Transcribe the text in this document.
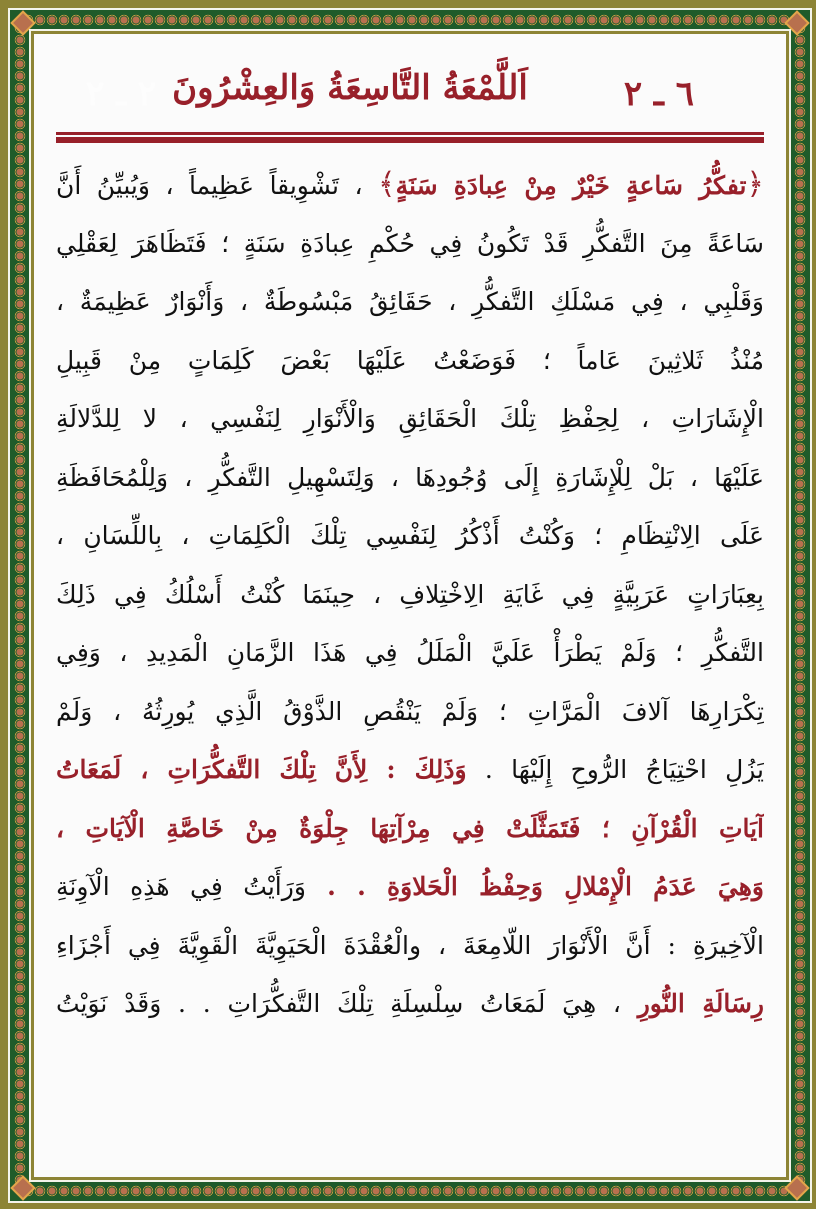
٢ ـ ٢	٦ ـ ٢
اَللَّمْعَةُ التَّاسِعَةُ وَالعِشْرُونَ
﴿تفكُّرُ سَاعةٍ خَيْرٌ مِنْ عِبادَةِ سَنَةٍ﴾ ، تَشْوِيقاً عَظِيماً ، وَيُبيِّنُ أَنَّ
سَاعَةً مِنَ التَّفكُّرِ قَدْ تَكُونُ فِي حُكْمِ عِبادَةِ سَنَةٍ ؛ فَتَظَاهَرَ لِعَقْلِي
وَقَلْبِي ، فِي مَسْلَكِ التَّفكُّرِ ، حَقَائِقُ مَبْسُوطَةٌ ، وَأَنْوَارٌ عَظِيمَةٌ ،
مُنْذُ ثَلاثِينَ عَاماً ؛ فَوَضَعْتُ عَلَيْهَا بَعْضَ كَلِمَاتٍ مِنْ قَبِيلِ
الْإِشَارَاتِ ، لِحِفْظِ تِلْكَ الْحَقَائِقِ وَالْأَنْوَارِ لِنَفْسِي ، لا لِلدَّلالَةِ
عَلَيْهَا ، بَلْ لِلْإِشَارَةِ إِلَى وُجُودِهَا ، وَلِتَسْهِيلِ التَّفكُّرِ ، وَلِلْمُحَافَظَةِ
عَلَى الِانْتِظَامِ ؛ وَكُنْتُ أَذْكُرُ لِنَفْسِي تِلْكَ الْكَلِمَاتِ ، بِاللِّسَانِ ،
بِعِبَارَاتٍ عَرَبِيَّةٍ فِي غَايَةِ الِاخْتِلافِ ، حِينَمَا كُنْتُ أَسْلُكُ فِي ذَلِكَ
التَّفكُّرِ ؛ وَلَمْ يَطْرَأْ عَلَيَّ الْمَلَلُ فِي هَذَا الزَّمَانِ الْمَدِيدِ ، وَفِي
تِكْرَارِهَا آلافَ الْمَرَّاتِ ؛ وَلَمْ يَنْقُصِ الذَّوْقُ الَّذِي يُورِثُهُ ، وَلَمْ
يَزُلِ احْتِيَاجُ الرُّوحِ إِلَيْهَا . وَذَلِكَ : لِأَنَّ تِلْكَ التَّفكُّرَاتِ ، لَمَعَاتُ
آيَاتِ الْقُرْآنِ ؛ فَتَمَثَّلَتْ فِي مِرْآتِهَا جِلْوَةٌ مِنْ خَاصَّةِ الْآيَاتِ ،
وَهِيَ عَدَمُ الْإِمْلالِ وَحِفْظُ الْحَلاوَةِ . . وَرَأَيْتُ فِي هَذِهِ الْآوِنَةِ
الْآخِيرَةِ : أَنَّ الْأَنْوَارَ اللّامِعَةَ ، والْعُقْدَةَ الْحَيَوِيَّةَ الْقَوِيَّةَ فِي أَجْزَاءِ
رِسَالَةِ النُّورِ ، هِيَ لَمَعَاتُ سِلْسِلَةِ تِلْكَ التَّفكُّرَاتِ . . وَقَدْ نَوَيْتُ
